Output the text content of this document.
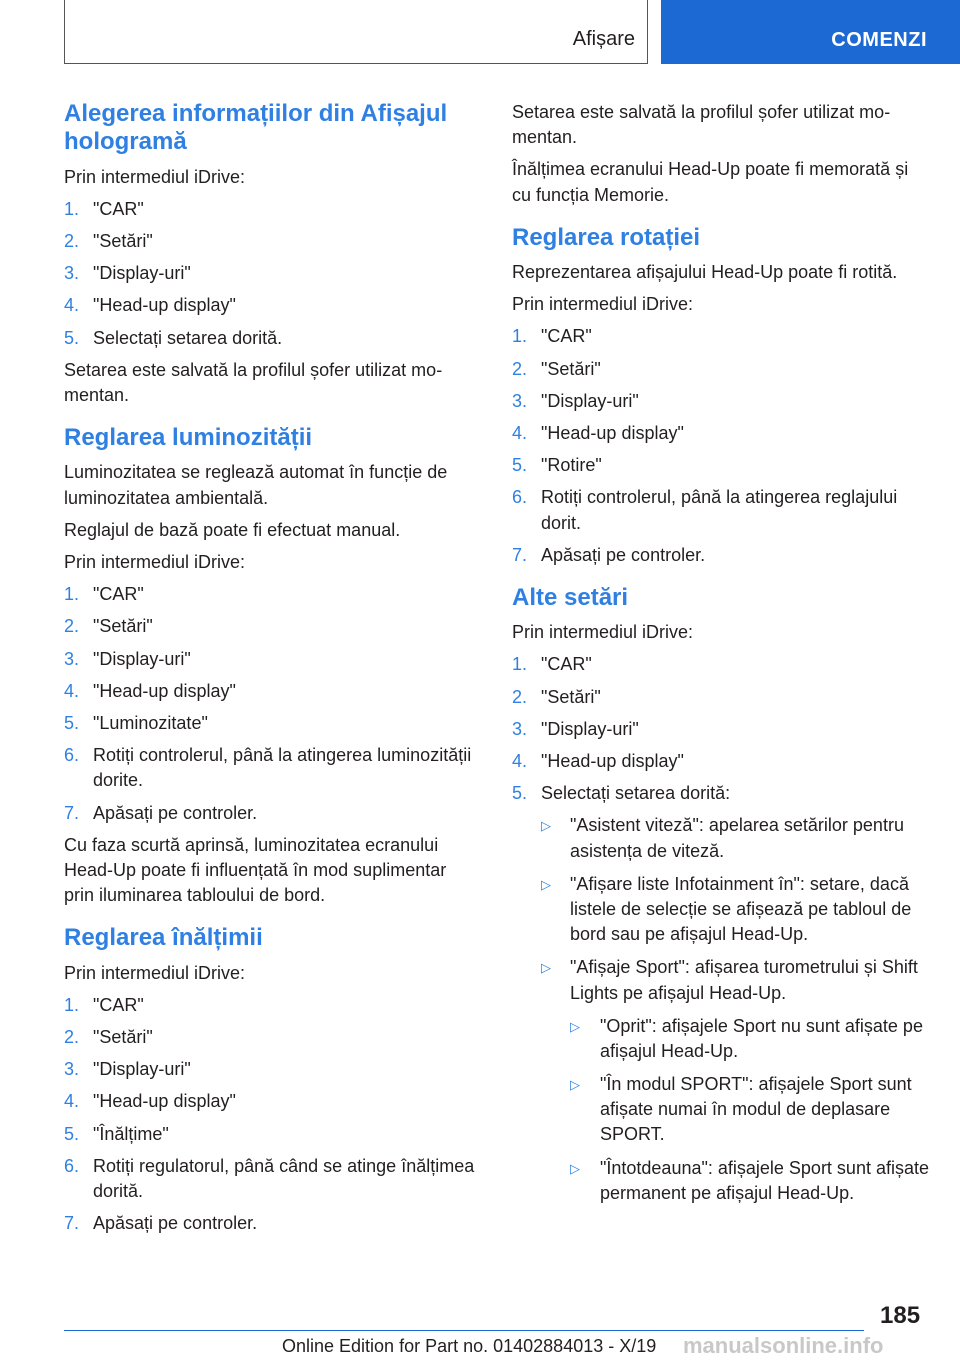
Afișare	COMENZI
Alegerea informațiilor din Afișajul hologramă

Prin intermediul iDrive:

1. "CAR"
2. "Setări"
3. "Display-uri"
4. "Head-up display"
5. Selectați setarea dorită.

Setarea este salvată la profilul șofer utilizat momentan.

Reglarea luminozității

Luminozitatea se reglează automat în funcție de luminozitatea ambientală.

Reglajul de bază poate fi efectuat manual.

Prin intermediul iDrive:

1. "CAR"
2. "Setări"
3. "Display-uri"
4. "Head-up display"
5. "Luminozitate"
6. Rotiți controlerul, până la atingerea luminozității dorite.
7. Apăsați pe controler.

Cu faza scurtă aprinsă, luminozitatea ecranului Head-Up poate fi influențată în mod suplimentar prin iluminarea tabloului de bord.

Reglarea înălțimii

Prin intermediul iDrive:

1. "CAR"
2. "Setări"
3. "Display-uri"
4. "Head-up display"
5. "Înălțime"
6. Rotiți regulatorul, până când se atinge înălțimea dorită.
7. Apăsați pe controler.

Setarea este salvată la profilul șofer utilizat momentan.

Înălțimea ecranului Head-Up poate fi memorată și cu funcția Memorie.

Reglarea rotației

Reprezentarea afișajului Head-Up poate fi rotită.

Prin intermediul iDrive:

1. "CAR"
2. "Setări"
3. "Display-uri"
4. "Head-up display"
5. "Rotire"
6. Rotiți controlerul, până la atingerea reglajului dorit.
7. Apăsați pe controler.
Alte setări

Prin intermediul iDrive:

1. "CAR"
2. "Setări"
3. "Display-uri"
4. "Head-up display"
5. Selectați setarea dorită:
▷ "Asistent viteză": apelarea setărilor pentru asistența de viteză.
▷ "Afișare liste Infotainment în": setare, dacă listele de selecție se afișează pe tabloul de bord sau pe afișajul Head-Up.
▷ "Afișaje Sport": afișarea turometrului și Shift Lights pe afișajul Head-Up.
▷ "Oprit": afișajele Sport nu sunt afișate pe afișajul Head-Up.
▷ "În modul SPORT": afișajele Sport sunt afișate numai în modul de deplasare SPORT.
▷ "Întotdeauna": afișajele Sport sunt afișate permanent pe afișajul Head-Up.
185
Online Edition for Part no. 01402884013 - X/19 manualsonline.info
